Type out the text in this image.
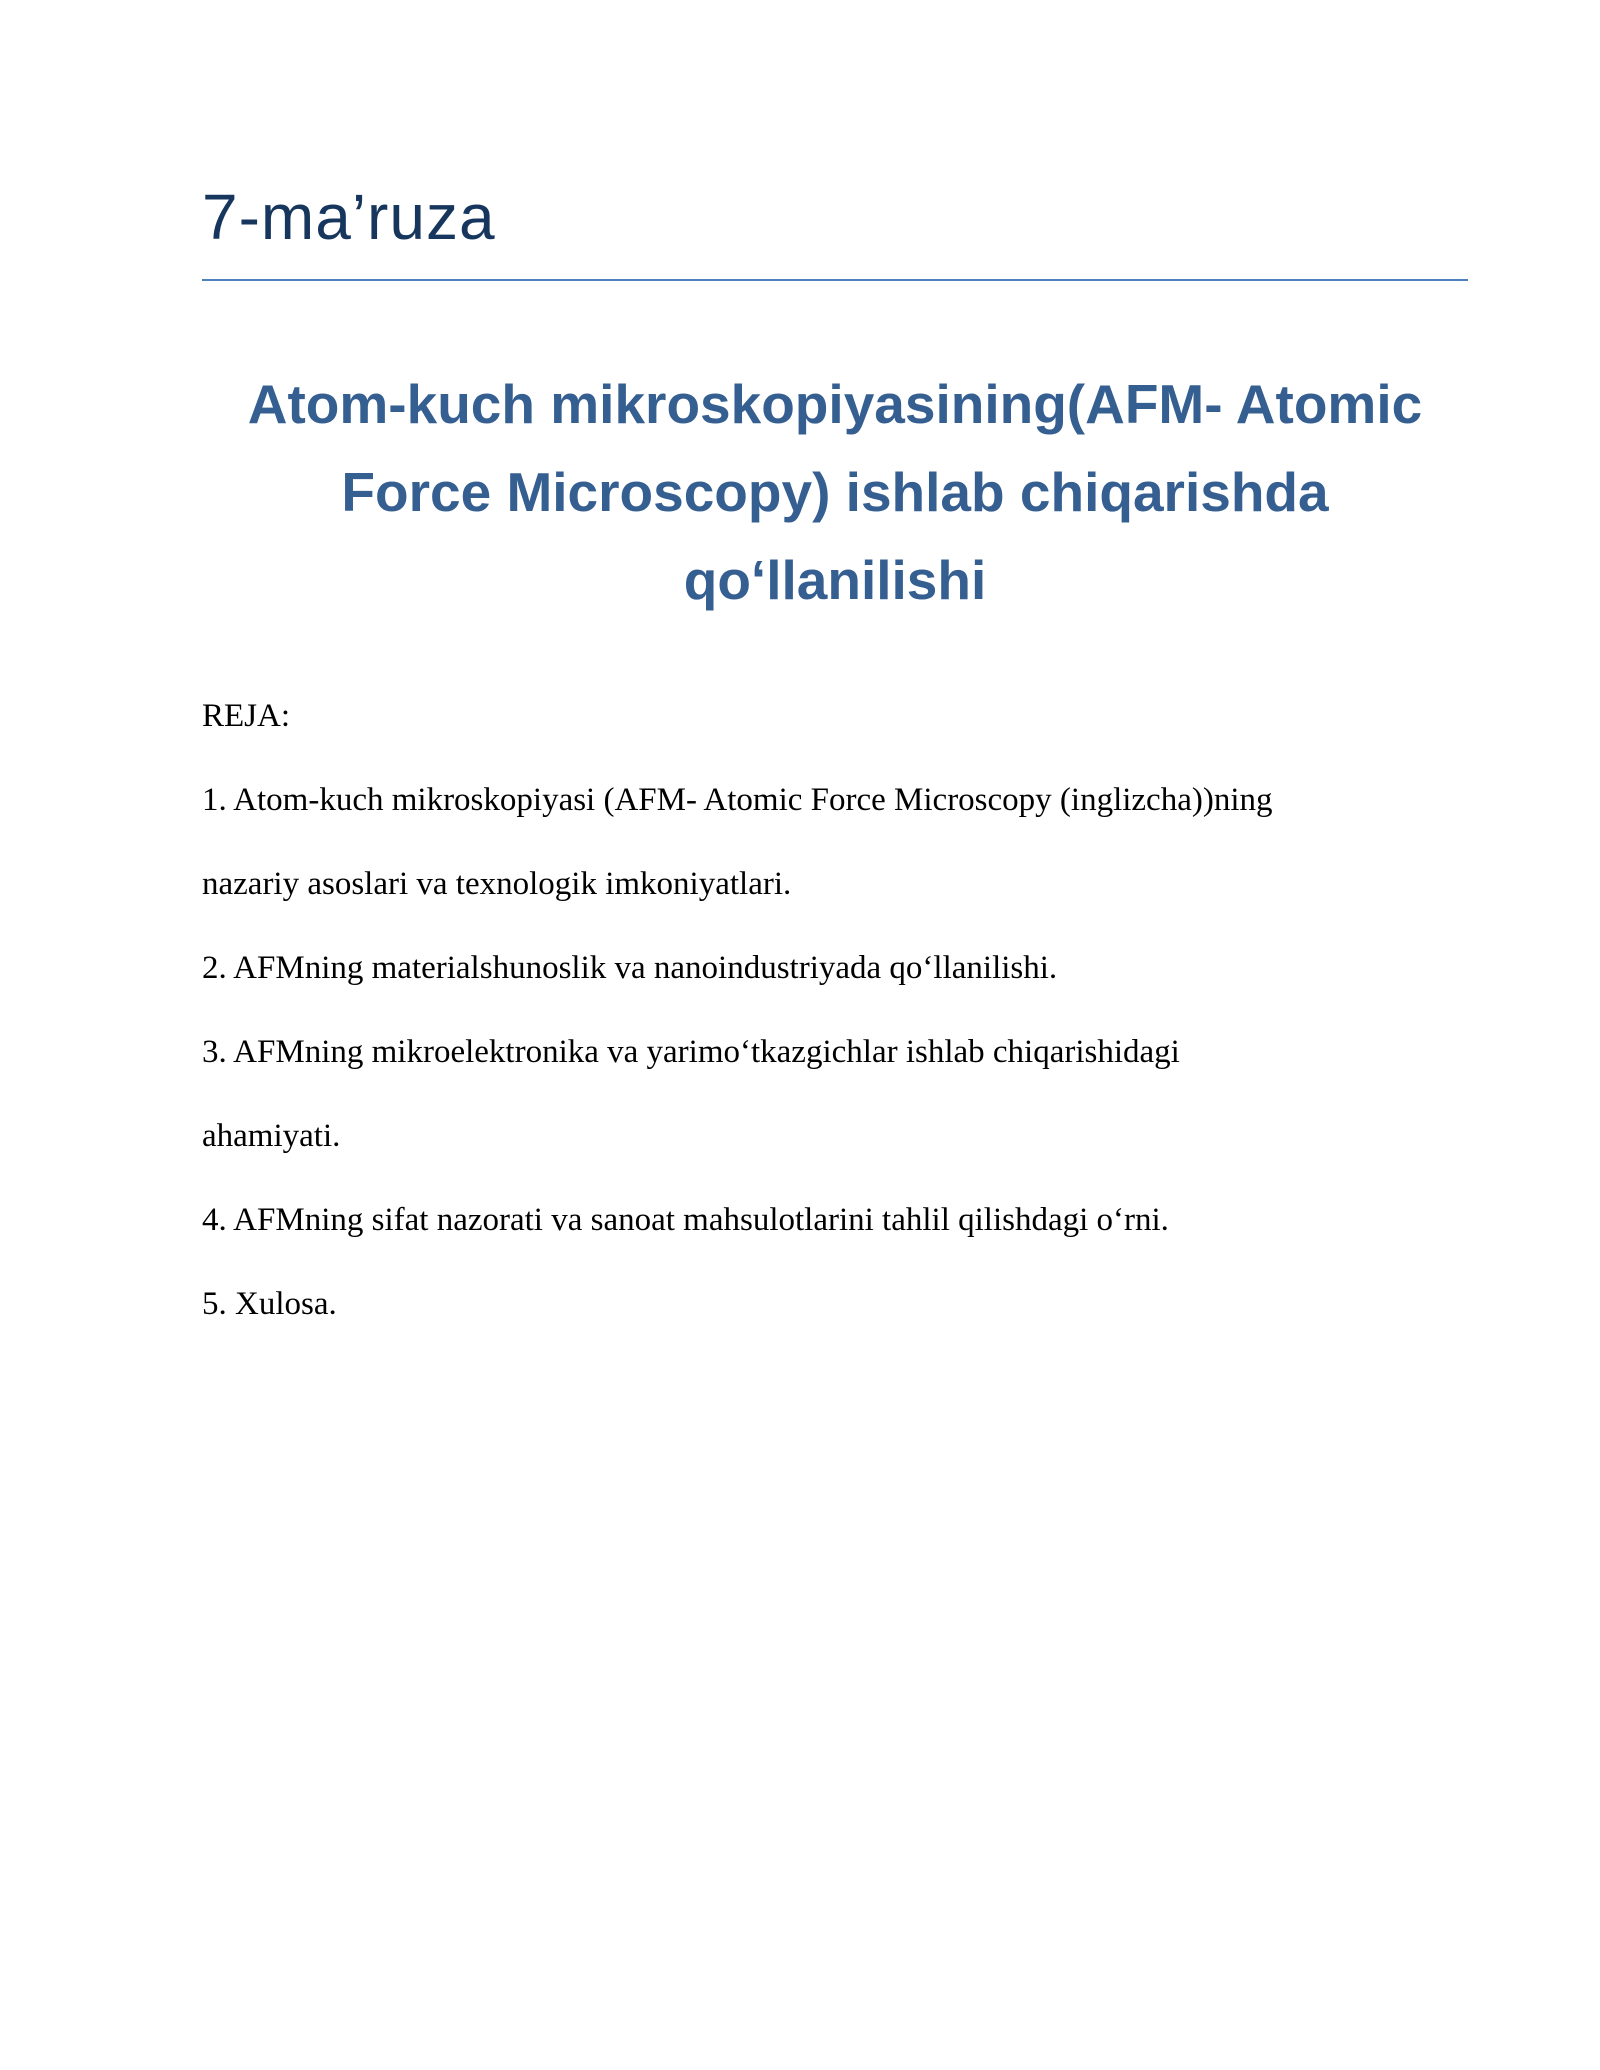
7-ma’ruza
Atom-kuch mikroskopiyasining(AFM- Atomic
Force Microscopy) ishlab chiqarishda
qo‘llanilishi
REJA:
1. Atom-kuch mikroskopiyasi (AFM- Atomic Force Microscopy (inglizcha))ning
nazariy asoslari va texnologik imkoniyatlari.
2. AFMning materialshunoslik va nanoindustriyada qo‘llanilishi.
3. AFMning mikroelektronika va yarimo‘tkazgichlar ishlab chiqarishidagi
ahamiyati.
4. AFMning sifat nazorati va sanoat mahsulotlarini tahlil qilishdagi o‘rni.
5. Xulosa.
